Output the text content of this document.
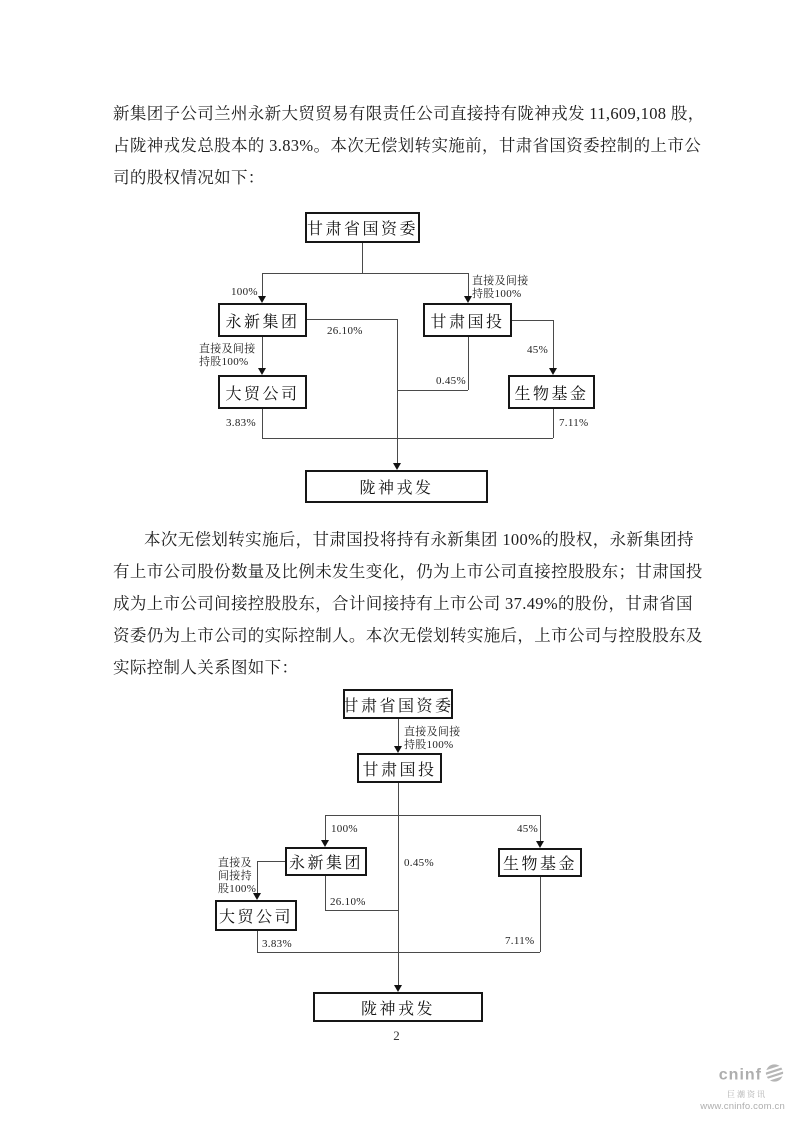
新集团子公司兰州永新大贸贸易有限责任公司直接持有陇神戎发 11,609,108 股，
占陇神戎发总股本的 3.83%。本次无偿划转实施前，甘肃省国资委控制的上市公
司的股权情况如下：
甘肃省国资委
永新集团	甘肃国投
大贸公司	生物基金
陇神戎发
100%
直接及间接
持股100%
26.10%
直接及间接
持股100%
45%
0.45%
3.83%	7.11%
本次无偿划转实施后，甘肃国投将持有永新集团 100%的股权，永新集团持
有上市公司股份数量及比例未发生变化，仍为上市公司直接控股股东；甘肃国投
成为上市公司间接控股股东，合计间接持有上市公司 37.49%的股份，甘肃省国
资委仍为上市公司的实际控制人。本次无偿划转实施后，上市公司与控股股东及
实际控制人关系图如下：
甘肃省国资委
甘肃国投
永新集团	生物基金
大贸公司
陇神戎发
直接及间接
持股100%
100%	45%
0.45%
直接及
间接持
股100%
26.10%
3.83%	7.11%
2
cninf
巨潮资讯
www.cninfo.com.cn
